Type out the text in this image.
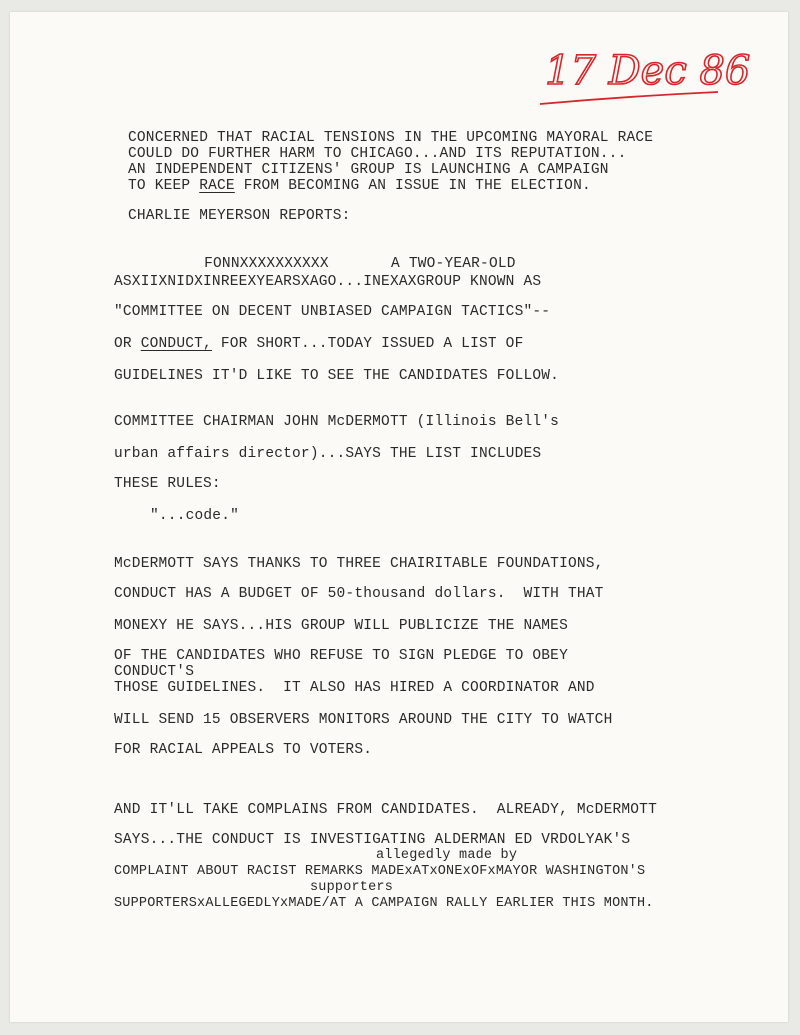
17 Dec 86
CONCERNED THAT RACIAL TENSIONS IN THE UPCOMING MAYORAL RACE
COULD DO FURTHER HARM TO CHICAGO...AND ITS REPUTATION...
AN INDEPENDENT CITIZENS' GROUP IS LAUNCHING A CAMPAIGN
TO KEEP RACE FROM BECOMING AN ISSUE IN THE ELECTION.
CHARLIE MEYERSON REPORTS:
FONNXXXXXXXXXX       A TWO-YEAR-OLD
ASXIIXNIDXINREEXYEARSXAGO...INEXAXGROUP KNOWN AS
"COMMITTEE ON DECENT UNBIASED CAMPAIGN TACTICS"--
OR CONDUCT, FOR SHORT...TODAY ISSUED A LIST OF
GUIDELINES IT'D LIKE TO SEE THE CANDIDATES FOLLOW.
COMMITTEE CHAIRMAN JOHN McDERMOTT (Illinois Bell's
urban affairs director)...SAYS THE LIST INCLUDES
THESE RULES:
"...code."
McDERMOTT SAYS THANKS TO THREE CHAIRITABLE FOUNDATIONS,
CONDUCT HAS A BUDGET OF 50-thousand dollars.  WITH THAT
MONEXY HE SAYS...HIS GROUP WILL PUBLICIZE THE NAMES
OF THE CANDIDATES WHO REFUSE TO SIGN PLEDGE TO OBEY
CONDUCT'S
THOSE GUIDELINES.  IT ALSO HAS HIRED A COORDINATOR AND
WILL SEND 15 OBSERVERS MONITORS AROUND THE CITY TO WATCH
FOR RACIAL APPEALS TO VOTERS.
AND IT'LL TAKE COMPLAINS FROM CANDIDATES.  ALREADY, McDERMOTT
SAYS...THE CONDUCT IS INVESTIGATING ALDERMAN ED VRDOLYAK'S
allegedly made by
COMPLAINT ABOUT RACIST REMARKS MADExATxONExOFxMAYOR WASHINGTON'S
supporters
SUPPORTERSxALLEGEDLYxMADE/AT A CAMPAIGN RALLY EARLIER THIS MONTH.
